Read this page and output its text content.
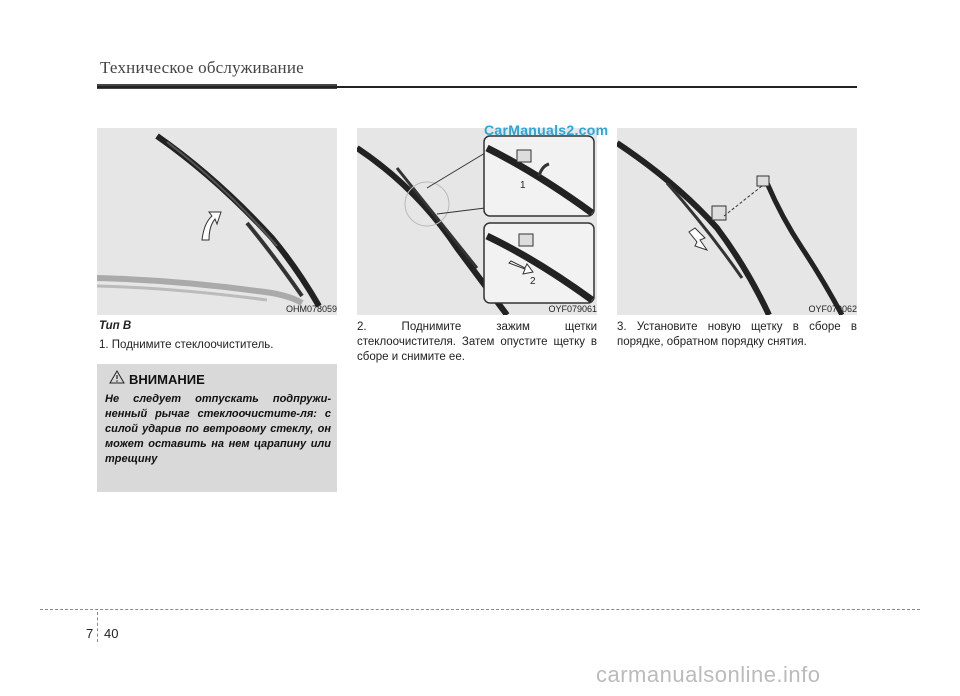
Техническое обслуживание
OHM078059
1
2
OYF079061
CarManuals2.com
OYF079062
Тип B
1. Поднимите стеклоочиститель.
2. Поднимите зажим щетки стеклоочистителя. Затем опустите щетку в сборе и снимите ее.
3. Установите новую щетку в сборе в порядке, обратном порядку снятия.
ВНИМАНИЕ
Не следует отпускать подпружи-ненный рычаг стеклоочистите-ля: с силой ударив по ветровому стеклу, он может оставить на нем царапину или трещину
7 40
carmanualsonline.info
